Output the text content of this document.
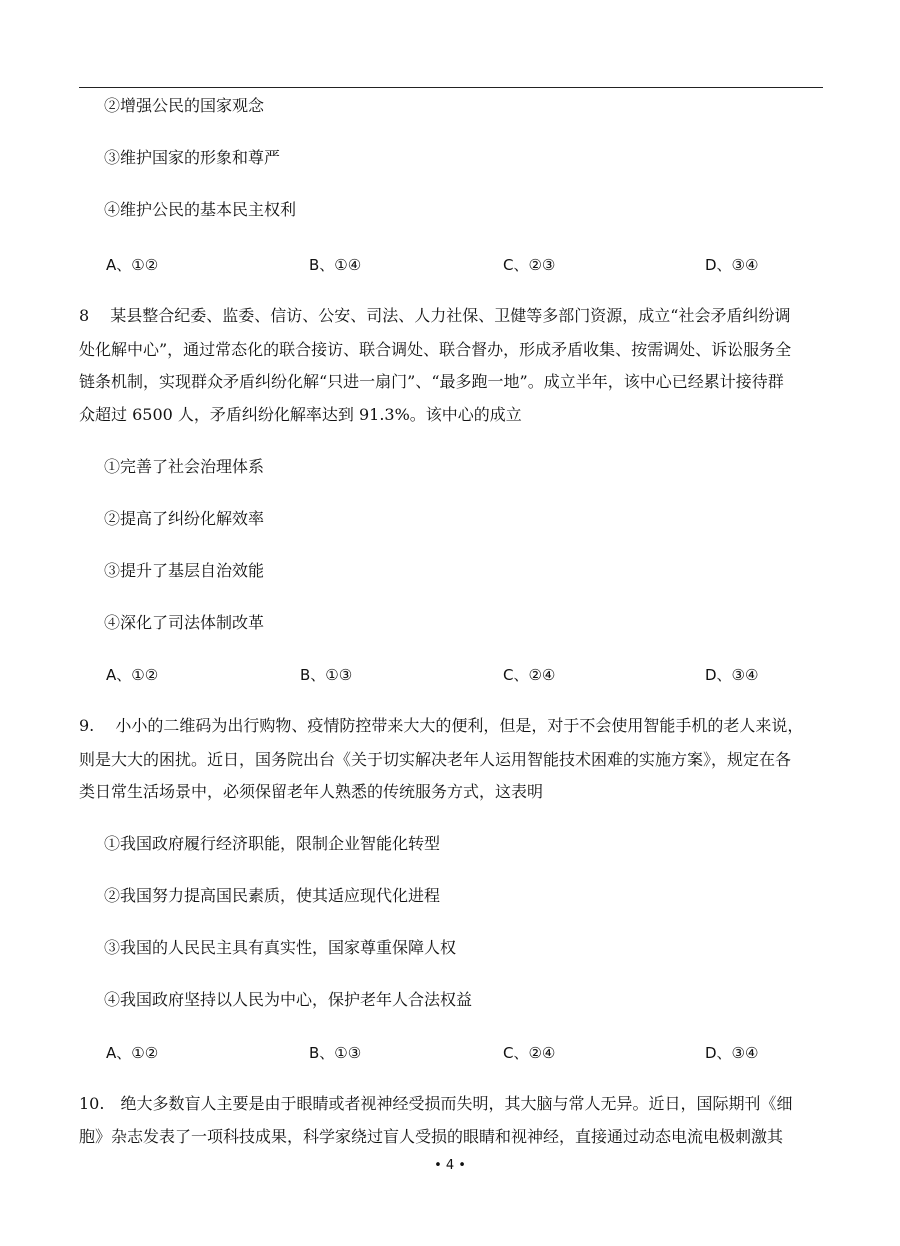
②增强公民的国家观念
③维护国家的形象和尊严
④维护公民的基本民主权利
A、①②	B、①④	C、②③	D、③④
8　 某县整合纪委、监委、信访、公安、司法、人力社保、卫健等多部门资源，成立“社会矛盾纠纷调
处化解中心”，通过常态化的联合接访、联合调处、联合督办，形成矛盾收集、按需调处、诉讼服务全
链条机制，实现群众矛盾纠纷化解“只进一扇门”、“最多跑一地”。成立半年，该中心已经累计接待群
众超过 6500 人，矛盾纠纷化解率达到 91.3%。该中心的成立
①完善了社会治理体系
②提高了纠纷化解效率
③提升了基层自治效能
④深化了司法体制改革
A、①②	B、①③	C、②④	D、③④
9.　 小小的二维码为出行购物、疫情防控带来大大的便利，但是，对于不会使用智能手机的老人来说，
则是大大的困扰。近日，国务院出台《关于切实解决老年人运用智能技术困难的实施方案》，规定在各
类日常生活场景中，必须保留老年人熟悉的传统服务方式，这表明
①我国政府履行经济职能，限制企业智能化转型
②我国努力提高国民素质，使其适应现代化进程
③我国的人民民主具有真实性，国家尊重保障人权
④我国政府坚持以人民为中心，保护老年人合法权益
A、①②	B、①③	C、②④	D、③④
10.　绝大多数盲人主要是由于眼睛或者视神经受损而失明，其大脑与常人无异。近日，国际期刊《细
胞》杂志发表了一项科技成果，科学家绕过盲人受损的眼睛和视神经，直接通过动态电流电极刺激其
• 4 •
